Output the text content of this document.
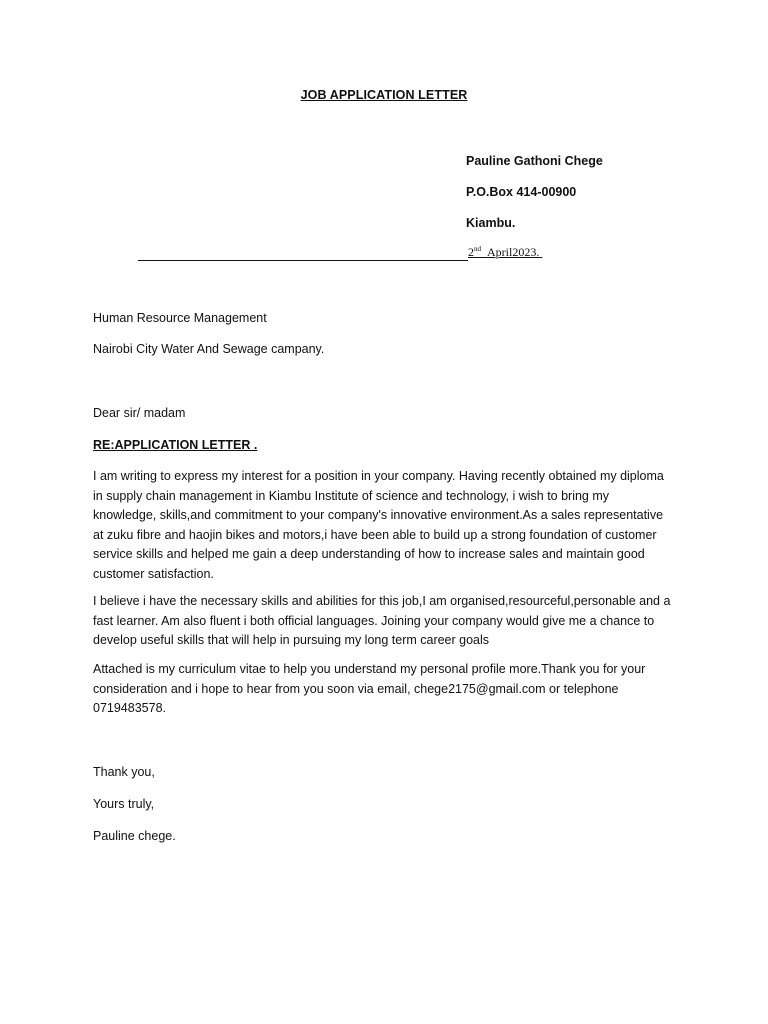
JOB APPLICATION LETTER
Pauline Gathoni Chege
P.O.Box 414-00900
Kiambu.
2nd April2023.
Human Resource Management
Nairobi City Water And Sewage campany.
Dear sir/ madam
RE:APPLICATION LETTER .

I am writing to express my interest for a position in your company. Having recently obtained my diploma in supply chain management in Kiambu Institute of science and technology, i wish to bring my knowledge, skills,and commitment to your company's innovative environment.As a sales representative at zuku fibre and haojin bikes and motors,i have been able to build up a strong foundation of customer service skills and helped me gain a deep understanding of how to increase sales and maintain good customer satisfaction.

I believe i have the necessary skills and abilities for this job,I am organised,resourceful,personable and a fast learner. Am also fluent i both official languages. Joining your company would give me a chance to develop useful skills that will help in pursuing my long term career goals

Attached is my curriculum vitae to help you understand my personal profile more.Thank you for your consideration and i hope to hear from you soon via email, chege2175@gmail.com or telephone 0719483578.

Thank you,
Yours truly,
Pauline chege.
